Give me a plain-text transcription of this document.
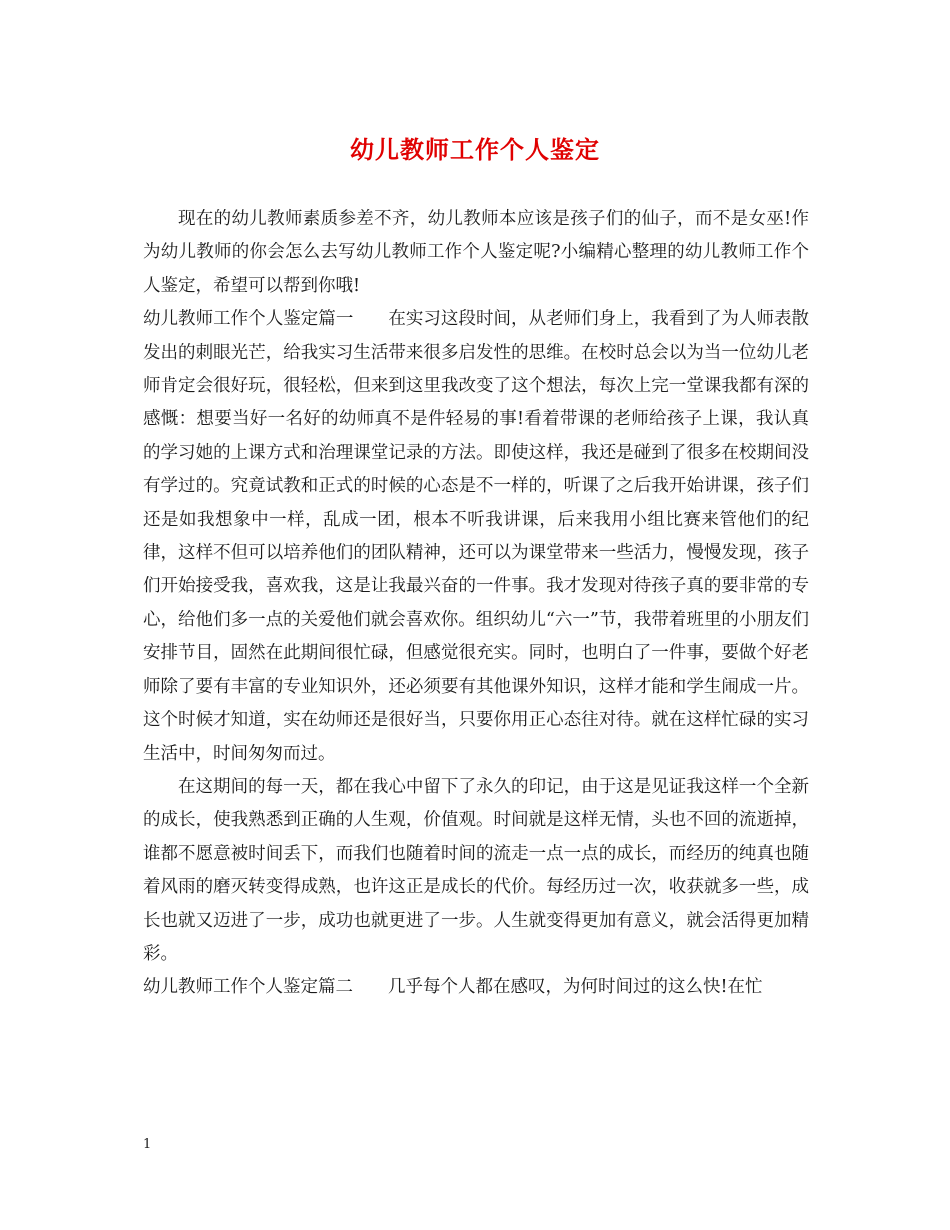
幼儿教师工作个人鉴定

现在的幼儿教师素质参差不齐，幼儿教师本应该是孩子们的仙子，而不是女巫!作为幼儿教师的你会怎么去写幼儿教师工作个人鉴定呢?小编精心整理的幼儿教师工作个人鉴定，希望可以帮到你哦!

幼儿教师工作个人鉴定篇一 在实习这段时间，从老师们身上，我看到了为人师表散发出的刺眼光芒，给我实习生活带来很多启发性的思维。在校时总会以为当一位幼儿老师肯定会很好玩，很轻松，但来到这里我改变了这个想法，每次上完一堂课我都有深的感慨：想要当好一名好的幼师真不是件轻易的事!看着带课的老师给孩子上课，我认真的学习她的上课方式和治理课堂记录的方法。即使这样，我还是碰到了很多在校期间没有学过的。究竟试教和正式的时候的心态是不一样的，听课了之后我开始讲课，孩子们还是如我想象中一样，乱成一团，根本不听我讲课，后来我用小组比赛来管他们的纪律，这样不但可以培养他们的团队精神，还可以为课堂带来一些活力，慢慢发现，孩子们开始接受我，喜欢我，这是让我最兴奋的一件事。我才发现对待孩子真的要非常的专心，给他们多一点的关爱他们就会喜欢你。组织幼儿“六一”节，我带着班里的小朋友们安排节目，固然在此期间很忙碌，但感觉很充实。同时，也明白了一件事，要做个好老师除了要有丰富的专业知识外，还必须要有其他课外知识，这样才能和学生闹成一片。这个时候才知道，实在幼师还是很好当，只要你用正心态往对待。就在这样忙碌的实习生活中，时间匆匆而过。

在这期间的每一天，都在我心中留下了永久的印记，由于这是见证我这样一个全新的成长，使我熟悉到正确的人生观，价值观。时间就是这样无情，头也不回的流逝掉，谁都不愿意被时间丢下，而我们也随着时间的流走一点一点的成长，而经历的纯真也随着风雨的磨灭转变得成熟，也许这正是成长的代价。每经历过一次，收获就多一些，成长也就又迈进了一步，成功也就更进了一步。人生就变得更加有意义，就会活得更加精彩。

幼儿教师工作个人鉴定篇二 几乎每个人都在感叹，为何时间过的这么快!在忙

1
